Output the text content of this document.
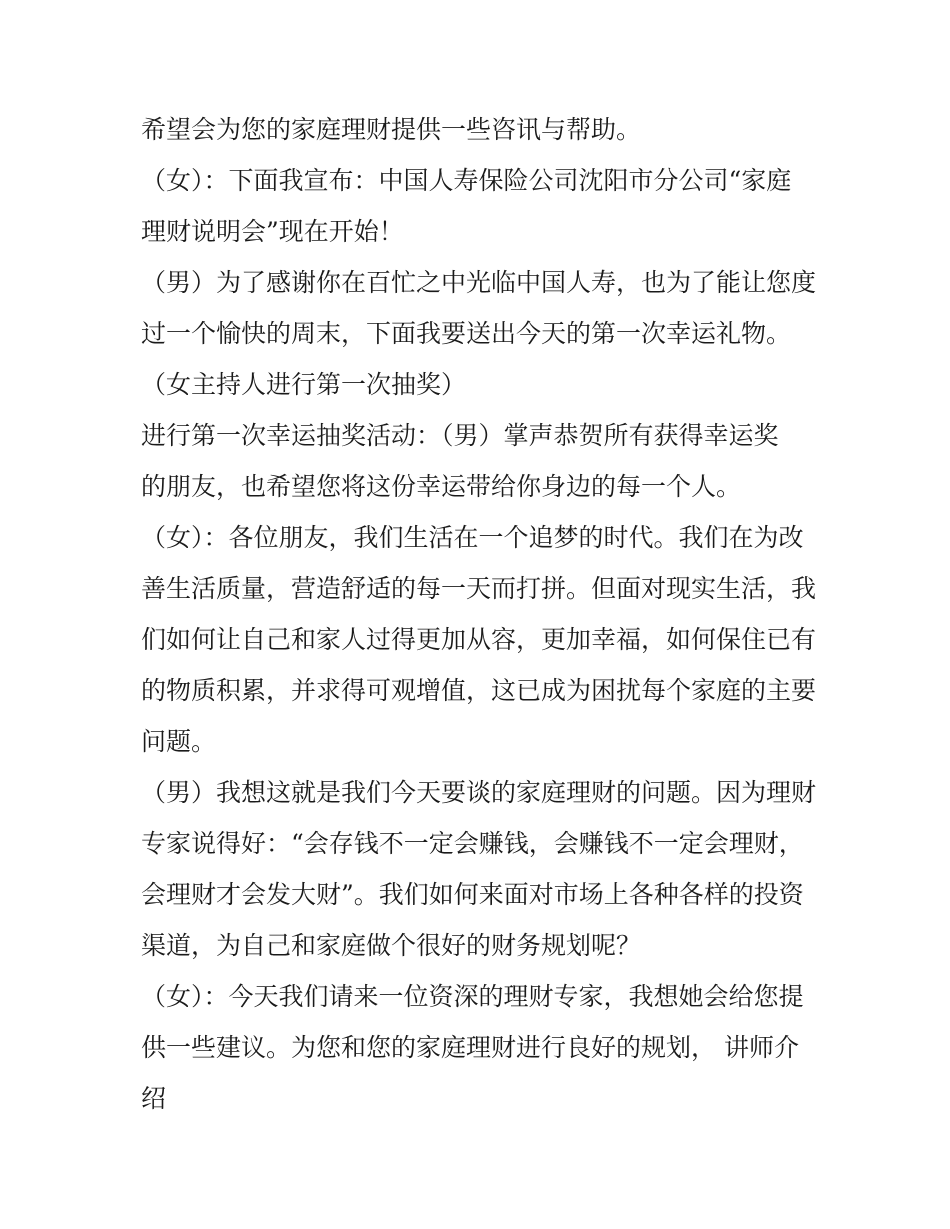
希望会为您的家庭理财提供一些咨讯与帮助。
（女）：下面我宣布：中国人寿保险公司沈阳市分公司“家庭
理财说明会”现在开始！
（男）为了感谢你在百忙之中光临中国人寿，也为了能让您度
过一个愉快的周末，下面我要送出今天的第一次幸运礼物。
（女主持人进行第一次抽奖）
进行第一次幸运抽奖活动：（男）掌声恭贺所有获得幸运奖
的朋友，也希望您将这份幸运带给你身边的每一个人。
（女）：各位朋友，我们生活在一个追梦的时代。我们在为改
善生活质量，营造舒适的每一天而打拼。但面对现实生活，我
们如何让自己和家人过得更加从容，更加幸福，如何保住已有
的物质积累，并求得可观增值，这已成为困扰每个家庭的主要
问题。
（男）我想这就是我们今天要谈的家庭理财的问题。因为理财
专家说得好：“会存钱不一定会赚钱，会赚钱不一定会理财，
会理财才会发大财”。我们如何来面对市场上各种各样的投资
渠道，为自己和家庭做个很好的财务规划呢？
（女）：今天我们请来一位资深的理财专家，我想她会给您提
供一些建议。为您和您的家庭理财进行良好的规划， 讲师介
绍
